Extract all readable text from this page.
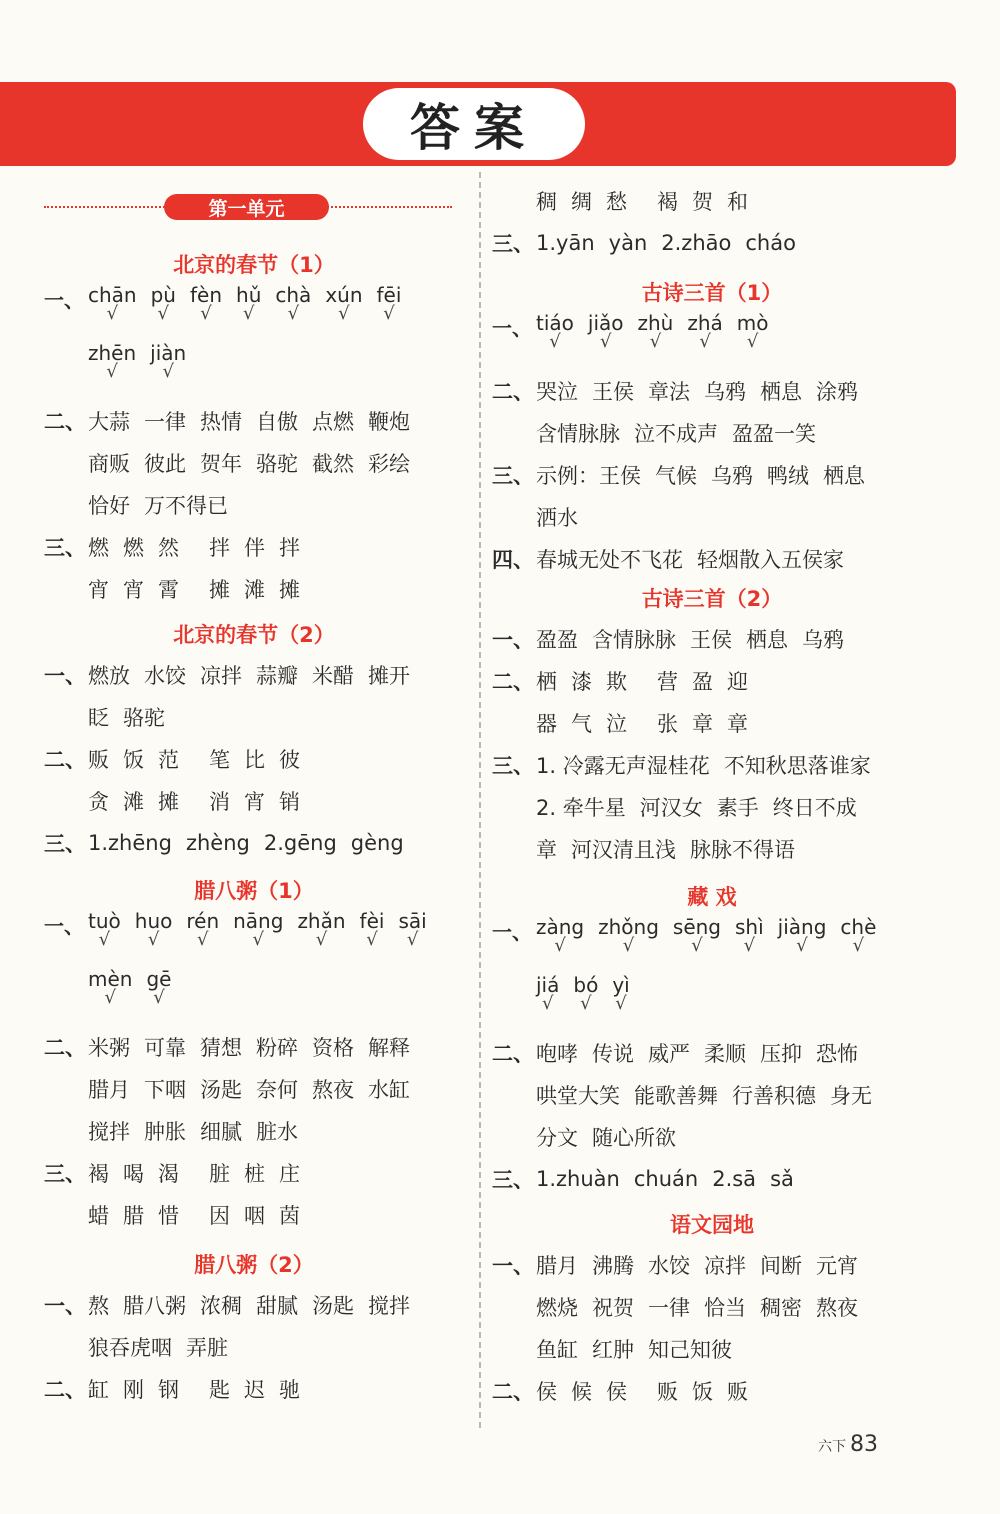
答案
第一单元
北京的春节（1）
一、 chān
√
pù
√
fèn
√
hǔ
√
chà
√
xún
√
fēi
√
zhēn
√
jiàn
√
二、 大蒜 一律 热情 自傲 点燃 鞭炮
商贩 彼此 贺年 骆驼 截然 彩绘
恰好 万不得已
三、 燃 燃 然 拌 伴 拌
宵 宵 霄 摊 滩 摊
北京的春节（2）
一、 燃放 水饺 凉拌 蒜瓣 米醋 摊开
眨 骆驼
二、 贩 饭 范 笔 比 彼
贪 滩 摊 消 宵 销
三、 1.zhēng zhèng 2.gēng gèng
腊八粥（1）
一、 tuò
√
huo
√
rén
√
nāng
√
zhǎn
√
fèi
√
sāi
√
mèn
√
gē
√
二、 米粥 可靠 猜想 粉碎 资格 解释
腊月 下咽 汤匙 奈何 熬夜 水缸
搅拌 肿胀 细腻 脏水
三、 褐 喝 渴 脏 桩 庄
蜡 腊 惜 因 咽 茵
腊八粥（2）
一、 熬 腊八粥 浓稠 甜腻 汤匙 搅拌
狼吞虎咽 弄脏
二、 缸 刚 钢 匙 迟 驰
稠 绸 愁 褐 贺 和
三、 1.yān yàn 2.zhāo cháo
古诗三首（1）
一、 tiáo
√
jiǎo
√
zhù
√
zhá
√
mò
√
二、 哭泣 王侯 章法 乌鸦 栖息 涂鸦
含情脉脉 泣不成声 盈盈一笑
三、 示例：王侯 气候 乌鸦 鸭绒 栖息
洒水
四、 春城无处不飞花 轻烟散入五侯家
古诗三首（2）
一、 盈盈 含情脉脉 王侯 栖息 乌鸦
二、 栖 漆 欺 营 盈 迎
器 气 泣 张 章 章
三、 1. 冷露无声湿桂花 不知秋思落谁家
2. 牵牛星 河汉女 素手 终日不成
章 河汉清且浅 脉脉不得语
藏 戏
一、 zàng
√
zhǒng
√
sēng
√
shì
√
jiàng
√
chè
√
jiá
√
bó
√
yì
√
二、 咆哮 传说 威严 柔顺 压抑 恐怖
哄堂大笑 能歌善舞 行善积德 身无
分文 随心所欲
三、 1.zhuàn chuán 2.sā sǎ
语文园地
一、 腊月 沸腾 水饺 凉拌 间断 元宵
燃烧 祝贺 一律 恰当 稠密 熬夜
鱼缸 红肿 知己知彼
二、 侯 候 侯 贩 饭 贩
六下 83
